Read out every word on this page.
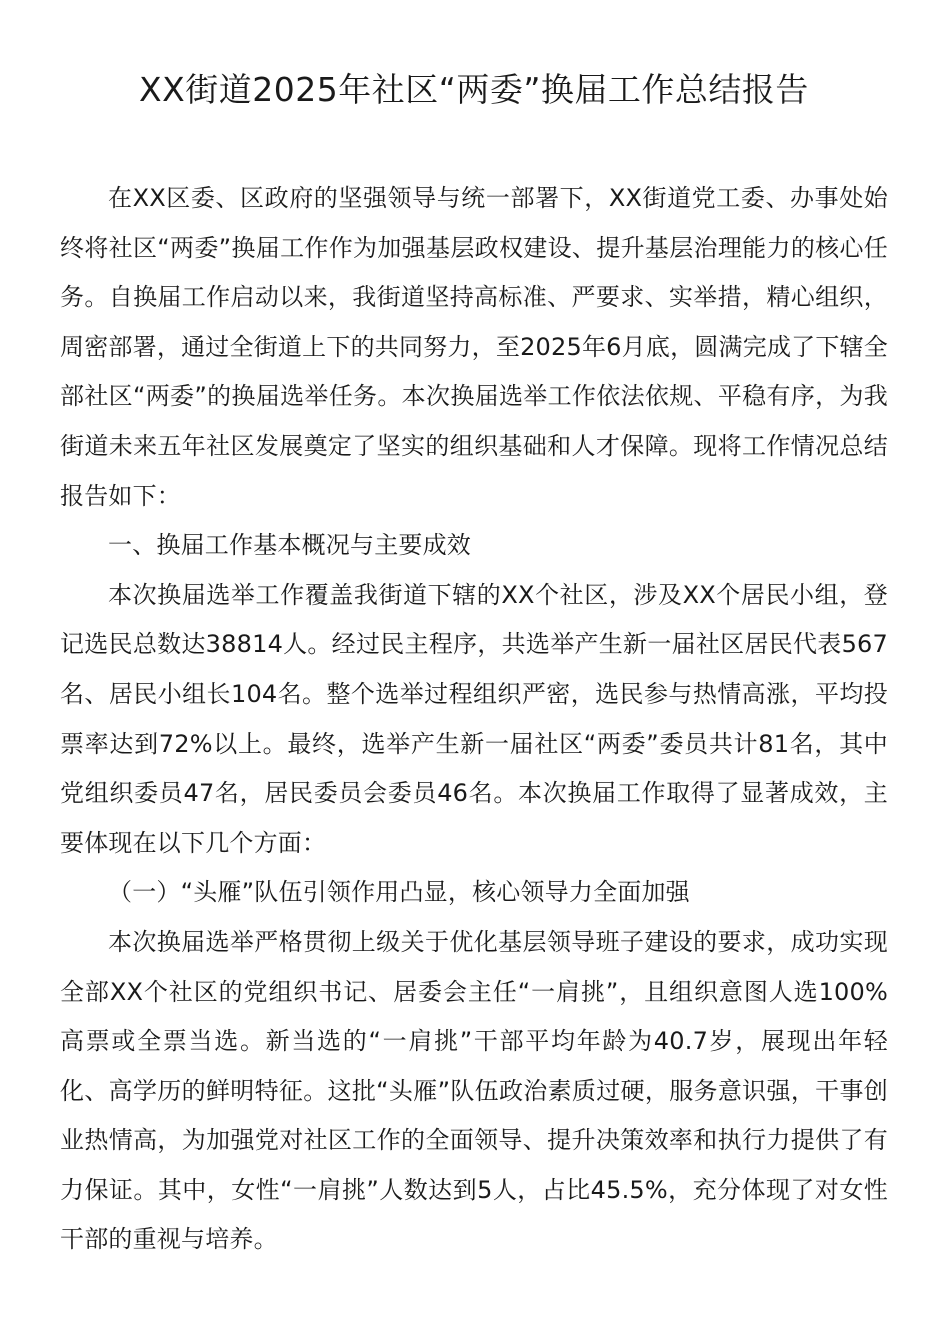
XX街道2025年社区“两委”换届工作总结报告

在XX区委、区政府的坚强领导与统一部署下，XX街道党工委、办事处始终将社区“两委”换届工作作为加强基层政权建设、提升基层治理能力的核心任务。自换届工作启动以来，我街道坚持高标准、严要求、实举措，精心组织，周密部署，通过全街道上下的共同努力，至2025年6月底，圆满完成了下辖全部社区“两委”的换届选举任务。本次换届选举工作依法依规、平稳有序，为我街道未来五年社区发展奠定了坚实的组织基础和人才保障。现将工作情况总结报告如下：

一、换届工作基本概况与主要成效

本次换届选举工作覆盖我街道下辖的XX个社区，涉及XX个居民小组，登记选民总数达38814人。经过民主程序，共选举产生新一届社区居民代表567名、居民小组长104名。整个选举过程组织严密，选民参与热情高涨，平均投票率达到72%以上。最终，选举产生新一届社区“两委”委员共计81名，其中党组织委员47名，居民委员会委员46名。本次换届工作取得了显著成效，主要体现在以下几个方面：

（一）“头雁”队伍引领作用凸显，核心领导力全面加强

本次换届选举严格贯彻上级关于优化基层领导班子建设的要求，成功实现全部XX个社区的党组织书记、居委会主任“一肩挑”，且组织意图人选100%高票或全票当选。新当选的“一肩挑”干部平均年龄为40.7岁，展现出年轻化、高学历的鲜明特征。这批“头雁”队伍政治素质过硬，服务意识强，干事创业热情高，为加强党对社区工作的全面领导、提升决策效率和执行力提供了有力保证。其中，女性“一肩挑”人数达到5人，占比45.5%，充分体现了对女性干部的重视与培养。
